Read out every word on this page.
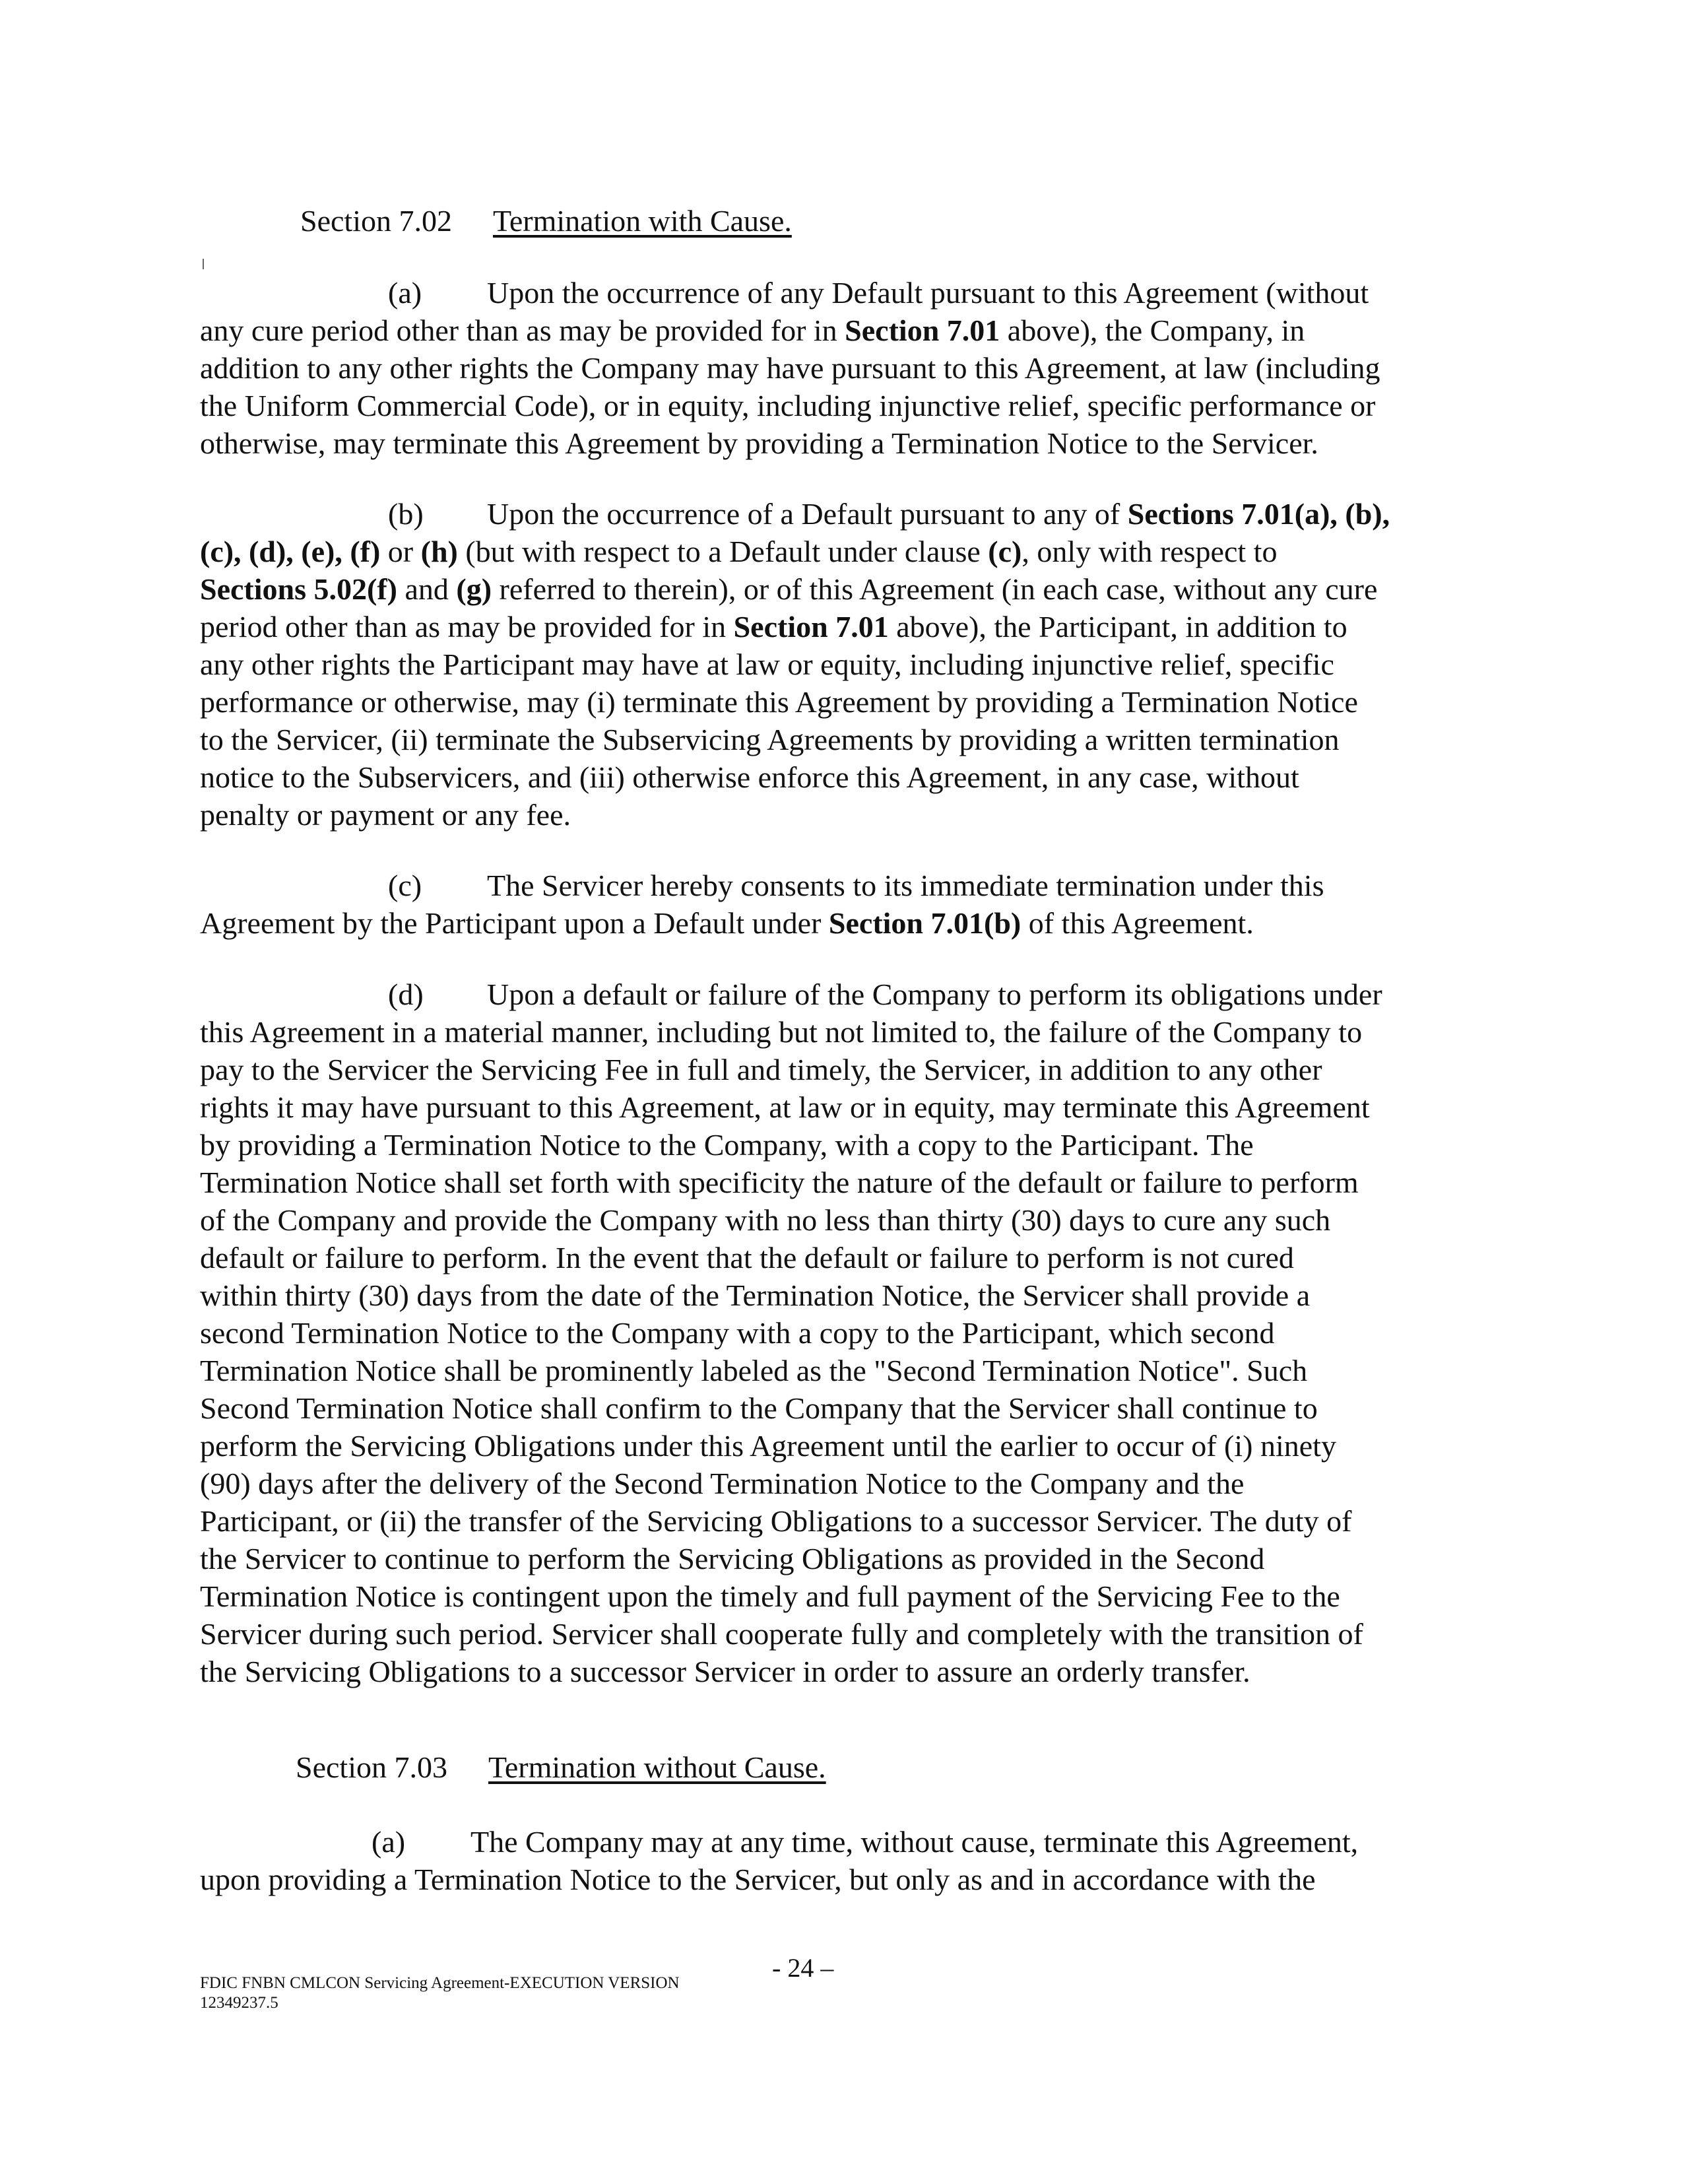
Section 7.02 Termination with Cause.
(a) Upon the occurrence of any Default pursuant to this Agreement (without
any cure period other than as may be provided for in Section 7.01 above), the Company, in
addition to any other rights the Company may have pursuant to this Agreement, at law (including
the Uniform Commercial Code), or in equity, including injunctive relief, specific performance or
otherwise, may terminate this Agreement by providing a Termination Notice to the Servicer.
(b) Upon the occurrence of a Default pursuant to any of Sections 7.01(a), (b),
(c), (d), (e), (f) or (h) (but with respect to a Default under clause (c), only with respect to
Sections 5.02(f) and (g) referred to therein), or of this Agreement (in each case, without any cure
period other than as may be provided for in Section 7.01 above), the Participant, in addition to
any other rights the Participant may have at law or equity, including injunctive relief, specific
performance or otherwise, may (i) terminate this Agreement by providing a Termination Notice
to the Servicer, (ii) terminate the Subservicing Agreements by providing a written termination
notice to the Subservicers, and (iii) otherwise enforce this Agreement, in any case, without
penalty or payment or any fee.
(c) The Servicer hereby consents to its immediate termination under this
Agreement by the Participant upon a Default under Section 7.01(b) of this Agreement.
(d) Upon a default or failure of the Company to perform its obligations under
this Agreement in a material manner, including but not limited to, the failure of the Company to
pay to the Servicer the Servicing Fee in full and timely, the Servicer, in addition to any other
rights it may have pursuant to this Agreement, at law or in equity, may terminate this Agreement
by providing a Termination Notice to the Company, with a copy to the Participant. The
Termination Notice shall set forth with specificity the nature of the default or failure to perform
of the Company and provide the Company with no less than thirty (30) days to cure any such
default or failure to perform. In the event that the default or failure to perform is not cured
within thirty (30) days from the date of the Termination Notice, the Servicer shall provide a
second Termination Notice to the Company with a copy to the Participant, which second
Termination Notice shall be prominently labeled as the "Second Termination Notice". Such
Second Termination Notice shall confirm to the Company that the Servicer shall continue to
perform the Servicing Obligations under this Agreement until the earlier to occur of (i) ninety
(90) days after the delivery of the Second Termination Notice to the Company and the
Participant, or (ii) the transfer of the Servicing Obligations to a successor Servicer. The duty of
the Servicer to continue to perform the Servicing Obligations as provided in the Second
Termination Notice is contingent upon the timely and full payment of the Servicing Fee to the
Servicer during such period. Servicer shall cooperate fully and completely with the transition of
the Servicing Obligations to a successor Servicer in order to assure an orderly transfer.
Section 7.03 Termination without Cause.
(a) The Company may at any time, without cause, terminate this Agreement,
upon providing a Termination Notice to the Servicer, but only as and in accordance with the
- 24 –
FDIC FNBN CMLCON Servicing Agreement-EXECUTION VERSION
12349237.5
